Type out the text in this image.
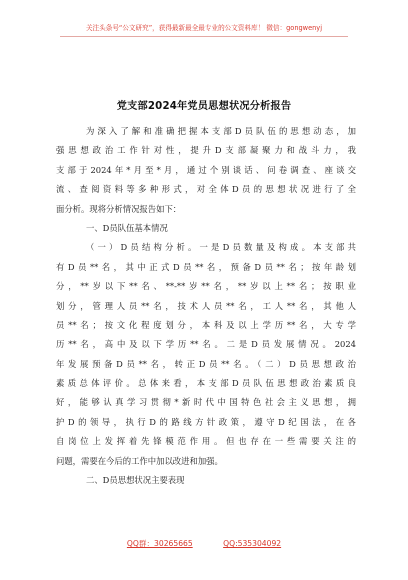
关注头条号“公文研究”，获得最新最全最专业的公文资料库！ 微信：gongwenyj
党支部2024年党员思想状况分析报告
为深入了解和准确把握本支部D员队伍的思想动态，加
强思想政治工作针对性，提升D支部凝聚力和战斗力，我
支部于2024年*月至*月，通过个别谈话、问卷调查、座谈交
流、查阅资料等多种形式，对全体D员的思想状况进行了全
面分析。现将分析情况报告如下：
一、D员队伍基本情况
（一）D员结构分析。一是D员数量及构成。本支部共
有D员**名，其中正式D员**名，预备D员**名；按年龄划
分，**岁以下**名、**-**岁**名，**岁以上**名；按职业
划分，管理人员**名，技术人员**名，工人**名，其他人
员**名；按文化程度划分，本科及以上学历**名，大专学
历**名，高中及以下学历**名。二是D员发展情况。2024
年发展预备D员**名，转正D员**名。（二）D员思想政治
素质总体评价。总体来看，本支部D员队伍思想政治素质良
好，能够认真学习贯彻*新时代中国特色社会主义思想，拥
护D的领导，执行D的路线方针政策，遵守D纪国法，在各
自岗位上发挥着先锋模范作用。但也存在一些需要关注的
问题，需要在今后的工作中加以改进和加强。
二、D员思想状况主要表现
QQ群：30265665	QQ:535304092
